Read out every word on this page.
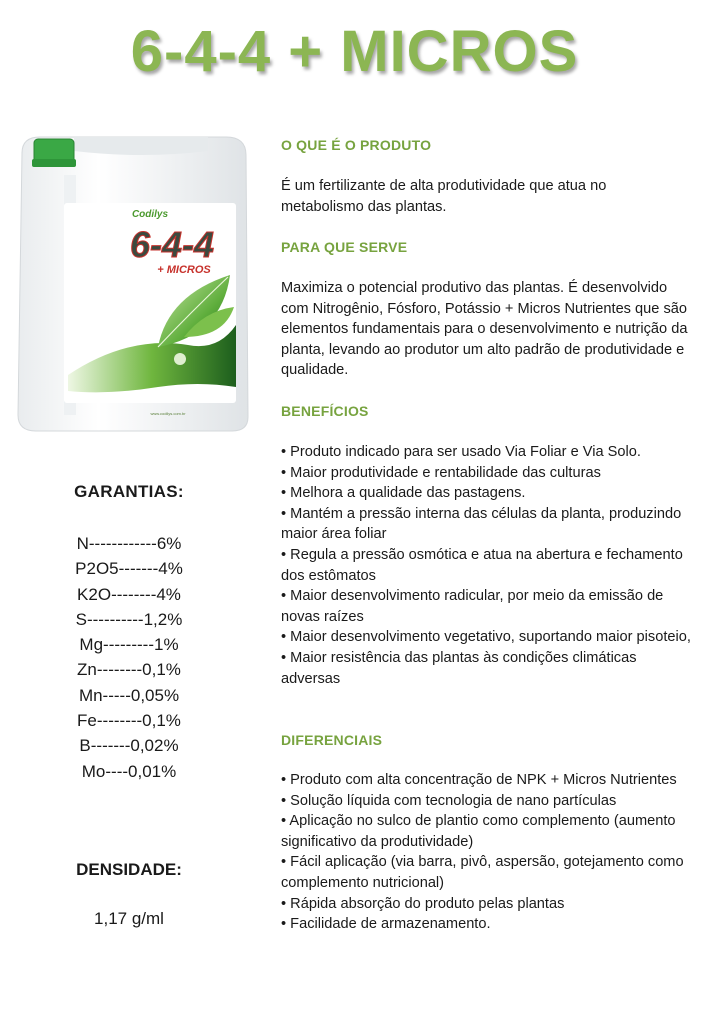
6-4-4 + MICROS
Codilys
6-4-4
+ MICROS
www.codilys.com.br
GARANTIAS:
N------------6%
P2O5-------4%
K2O--------4%
S----------1,2%
Mg---------1%
Zn--------0,1%
Mn-----0,05%
Fe--------0,1%
B-------0,02%
Mo----0,01%
DENSIDADE:
1,17 g/ml
O QUE É O PRODUTO
É um fertilizante de alta produtividade que atua no metabolismo das plantas.
PARA QUE SERVE
Maximiza o potencial produtivo das plantas. É desenvolvido com Nitrogênio, Fósforo, Potássio + Micros Nutrientes que são elementos fundamentais para o desenvolvimento e nutrição da planta, levando ao produtor um alto padrão de produtividade e qualidade.
BENEFÍCIOS
• Produto indicado para ser usado Via Foliar e Via Solo.
• Maior produtividade e rentabilidade das culturas
• Melhora a qualidade das pastagens.
• Mantém a pressão interna das células da planta, produzindo maior área foliar
• Regula a pressão osmótica e atua na abertura e fechamento dos estômatos
• Maior desenvolvimento radicular, por meio da emissão de novas raízes
• Maior desenvolvimento vegetativo, suportando maior pisoteio,
• Maior resistência das plantas às condições climáticas adversas
DIFERENCIAIS
• Produto com alta concentração de NPK + Micros Nutrientes
• Solução líquida com tecnologia de nano partículas
• Aplicação no sulco de plantio como complemento (aumento significativo da produtividade)
• Fácil aplicação (via barra, pivô, aspersão, gotejamento como complemento nutricional)
• Rápida absorção do produto pelas plantas
• Facilidade de armazenamento.
